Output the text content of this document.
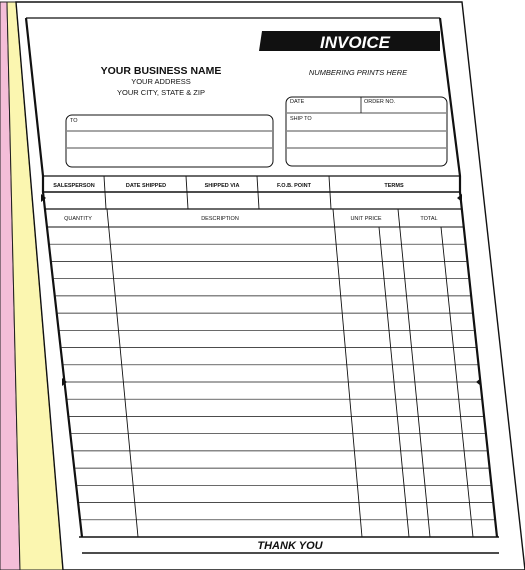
INVOICE
YOUR BUSINESS NAME
YOUR ADDRESS
YOUR CITY, STATE & ZIP
NUMBERING PRINTS HERE
TO
DATE	ORDER NO.
SHIP TO
SALESPERSON	DATE SHIPPED	SHIPPED VIA	F.O.B. POINT	TERMS
QUANTITY	DESCRIPTION	UNIT PRICE	TOTAL
THANK YOU
